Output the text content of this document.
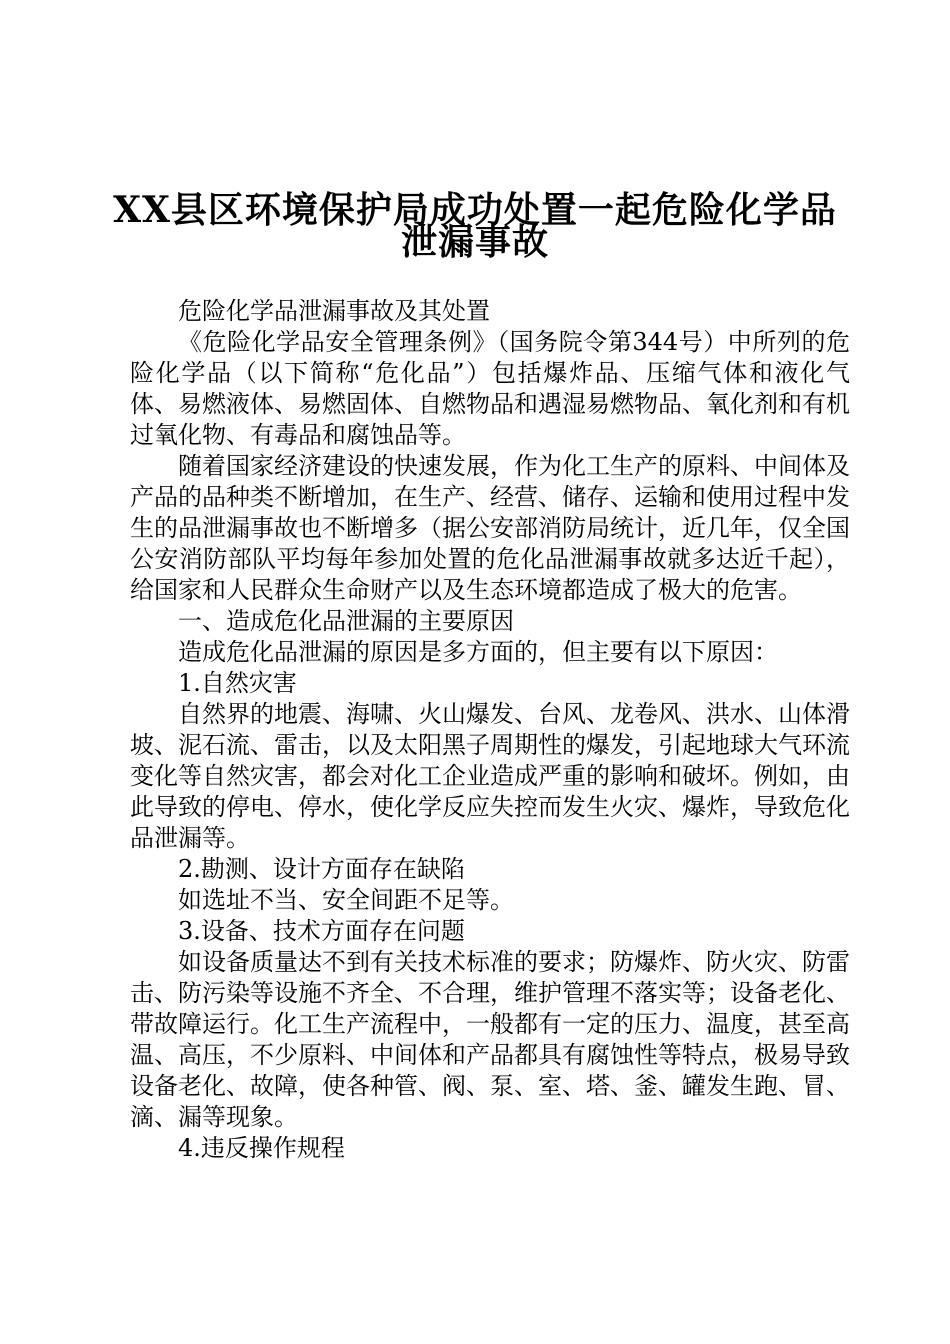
XX县区环境保护局成功处置一起危险化学品
泄漏事故

危险化学品泄漏事故及其处置

《危险化学品安全管理条例》（国务院令第344号）中所列的危险化学品（以下简称“危化品”）包括爆炸品、压缩气体和液化气体、易燃液体、易燃固体、自燃物品和遇湿易燃物品、氧化剂和有机过氧化物、有毒品和腐蚀品等。

随着国家经济建设的快速发展，作为化工生产的原料、中间体及产品的品种类不断增加，在生产、经营、储存、运输和使用过程中发生的品泄漏事故也不断增多（据公安部消防局统计，近几年，仅全国公安消防部队平均每年参加处置的危化品泄漏事故就多达近千起），给国家和人民群众生命财产以及生态环境都造成了极大的危害。

一、造成危化品泄漏的主要原因

造成危化品泄漏的原因是多方面的，但主要有以下原因：

1.自然灾害

自然界的地震、海啸、火山爆发、台风、龙卷风、洪水、山体滑坡、泥石流、雷击，以及太阳黑子周期性的爆发，引起地球大气环流变化等自然灾害，都会对化工企业造成严重的影响和破坏。例如，由此导致的停电、停水，使化学反应失控而发生火灾、爆炸，导致危化品泄漏等。

2.勘测、设计方面存在缺陷

如选址不当、安全间距不足等。

3.设备、技术方面存在问题

如设备质量达不到有关技术标准的要求；防爆炸、防火灾、防雷击、防污染等设施不齐全、不合理，维护管理不落实等；设备老化、带故障运行。化工生产流程中，一般都有一定的压力、温度，甚至高温、高压，不少原料、中间体和产品都具有腐蚀性等特点，极易导致设备老化、故障，使各种管、阀、泵、室、塔、釜、罐发生跑、冒、滴、漏等现象。

4.违反操作规程
